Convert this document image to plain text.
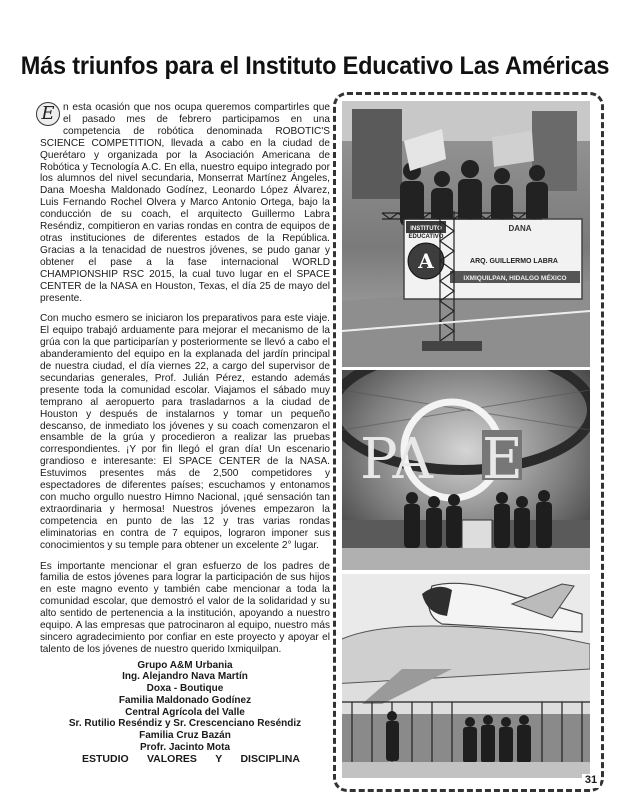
Más triunfos para el Instituto Educativo Las Américas
E n esta ocasión que nos ocupa queremos compartirles que el pasado mes de febrero participamos en una competencia de robótica denominada ROBOTIC'S SCIENCE COMPETITION, llevada a cabo en la ciudad de Querétaro y organizada por la Asociación Americana de Robótica y Tecnología A.C. En ella, nuestro equipo integrado por los alumnos del nivel secundaria, Monserrat Martínez Ángeles, Dana Moesha Maldonado Godínez, Leonardo López Álvarez, Luis Fernando Rochel Olvera y Marco Antonio Ortega, bajo la conducción de su coach, el arquitecto Guillermo Labra Reséndiz, compitieron en varias rondas en contra de equipos de otras instituciones de diferentes estados de la República. Gracias a la tenacidad de nuestros jóvenes, se pudo ganar y obtener el pase a la fase internacional WORLD CHAMPIONSHIP RSC 2015, la cual tuvo lugar en el SPACE CENTER de la NASA en Houston, Texas, el día 25 de mayo del presente.

Con mucho esmero se iniciaron los preparativos para este viaje. El equipo trabajó arduamente para mejorar el mecanismo de la grúa con la que participarían y posteriormente se llevó a cabo el abanderamiento del equipo en la explanada del jardín principal de nuestra ciudad, el día viernes 22, a cargo del supervisor de secundarias generales, Prof. Julián Pérez, estando además presente toda la comunidad escolar. Viajamos el sábado muy temprano al aeropuerto para trasladarnos a la ciudad de Houston y después de instalarnos y tomar un pequeño descanso, de inmediato los jóvenes y su coach comenzaron el ensamble de la grúa y procedieron a realizar las pruebas correspondientes. ¡Y por fin llegó el gran día! Un escenario grandioso e interesante: El SPACE CENTER de la NASA. Estuvimos presentes más de 2,500 competidores y espectadores de diferentes países; escuchamos y entonamos con mucho orgullo nuestro Himno Nacional, ¡qué sensación tan extraordinaria y hermosa! Nuestros jóvenes empezaron la competencia en punto de las 12 y tras varias rondas eliminatorias en contra de 7 equipos, lograron imponer sus conocimientos y su temple para obtener un excelente 2° lugar.

Es importante mencionar el gran esfuerzo de los padres de familia de estos jóvenes para lograr la participación de sus hijos en este magno evento y también cabe mencionar a toda la comunidad escolar, que demostró el valor de la solidaridad y su alto sentido de pertenencia a la institución, apoyando a nuestro equipo. A las empresas que patrocinaron al equipo, nuestro más sincero agradecimiento por confiar en este proyecto y apoyar el talento de los jóvenes de nuestro querido Ixmiquilpan.

Grupo A&M Urbania
Ing. Alejandro Nava Martín
Doxa - Boutique
Familia Maldonado Godínez
Central Agrícola del Valle
Sr. Rutilio Reséndiz y Sr. Crescenciano Reséndiz
Familia Cruz Bazán
Profr. Jacinto Mota
ESTUDIO VALORES Y DISCIPLINA
INSTITUTO
EDUCATIVO
A	ARQ. GUILLERMO LABRA
IXMIQUILPAN, HIDALGO MÉXICO
DANA
PA E
31
